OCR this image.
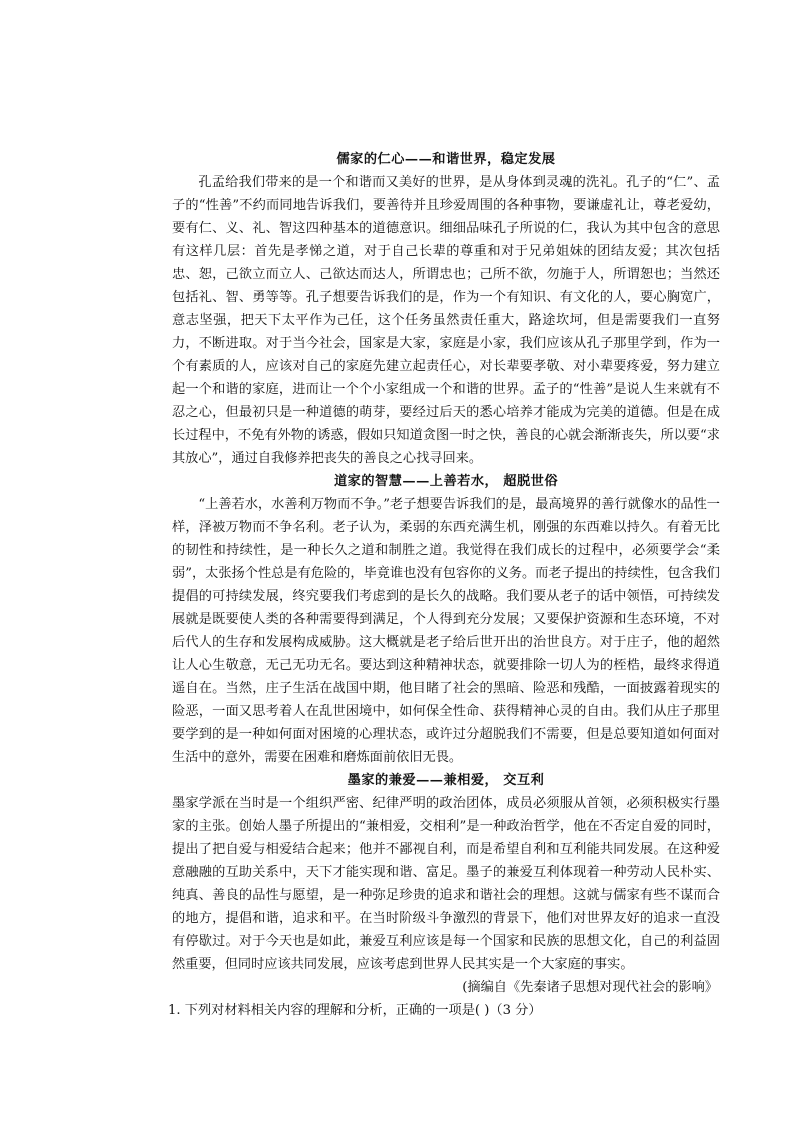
儒家的仁心——和谐世界，稳定发展

孔孟给我们带来的是一个和谐而又美好的世界，是从身体到灵魂的洗礼。孔子的“仁”、孟子的“性善”不约而同地告诉我们，要善待并且珍爱周围的各种事物，要谦虚礼让，尊老爱幼，要有仁、义、礼、智这四种基本的道德意识。细细品味孔子所说的仁，我认为其中包含的意思有这样几层：首先是孝悌之道，对于自己长辈的尊重和对于兄弟姐妹的团结友爱；其次包括忠、恕，己欲立而立人、己欲达而达人，所谓忠也；己所不欲，勿施于人，所谓恕也；当然还包括礼、智、勇等等。孔子想要告诉我们的是，作为一个有知识、有文化的人，要心胸宽广，意志坚强，把天下太平作为己任，这个任务虽然责任重大，路途坎坷，但是需要我们一直努力，不断进取。对于当今社会，国家是大家，家庭是小家，我们应该从孔子那里学到，作为一个有素质的人，应该对自己的家庭先建立起责任心，对长辈要孝敬、对小辈要疼爱，努力建立起一个和谐的家庭，进而让一个个小家组成一个和谐的世界。孟子的“性善”是说人生来就有不忍之心，但最初只是一种道德的萌芽，要经过后天的悉心培养才能成为完美的道德。但是在成长过程中，不免有外物的诱惑，假如只知道贪图一时之快，善良的心就会渐渐丧失，所以要“求其放心”，通过自我修养把丧失的善良之心找寻回来。

道家的智慧——上善若水， 超脱世俗

“上善若水，水善利万物而不争。”老子想要告诉我们的是，最高境界的善行就像水的品性一样，泽被万物而不争名利。老子认为，柔弱的东西充满生机，刚强的东西难以持久。有着无比的韧性和持续性，是一种长久之道和制胜之道。我觉得在我们成长的过程中，必须要学会“柔弱”，太张扬个性总是有危险的，毕竟谁也没有包容你的义务。而老子提出的持续性，包含我们提倡的可持续发展，终究要我们考虑到的是长久的战略。我们要从老子的话中领悟，可持续发展就是既要使人类的各种需要得到满足，个人得到充分发展；又要保护资源和生态环境，不对后代人的生存和发展构成威胁。这大概就是老子给后世开出的治世良方。对于庄子，他的超然让人心生敬意，无己无功无名。要达到这种精神状态，就要排除一切人为的桎梏，最终求得逍遥自在。当然，庄子生活在战国中期，他目睹了社会的黑暗、险恶和残酷，一面披露着现实的险恶，一面又思考着人在乱世困境中，如何保全性命、获得精神心灵的自由。我们从庄子那里要学到的是一种如何面对困境的心理状态，或许过分超脱我们不需要，但是总要知道如何面对生活中的意外，需要在困难和磨炼面前依旧无畏。

墨家的兼爱——兼相爱， 交互利

墨家学派在当时是一个组织严密、纪律严明的政治团体，成员必须服从首领，必须积极实行墨家的主张。创始人墨子所提出的“兼相爱，交相利”是一种政治哲学，他在不否定自爱的同时，提出了把自爱与相爱结合起来；他并不鄙视自利，而是希望自利和互利能共同发展。在这种爱意融融的互助关系中，天下才能实现和谐、富足。墨子的兼爱互利体现着一种劳动人民朴实、纯真、善良的品性与愿望，是一种弥足珍贵的追求和谐社会的理想。这就与儒家有些不谋而合的地方，提倡和谐，追求和平。在当时阶级斗争激烈的背景下，他们对世界友好的追求一直没有停歇过。对于今天也是如此，兼爱互利应该是每一个国家和民族的思想文化，自己的利益固然重要，但同时应该共同发展，应该考虑到世界人民其实是一个大家庭的事实。

(摘编自《先秦诸子思想对现代社会的影响》

1. 下列对材料相关内容的理解和分析，正确的一项是( )（3 分）
